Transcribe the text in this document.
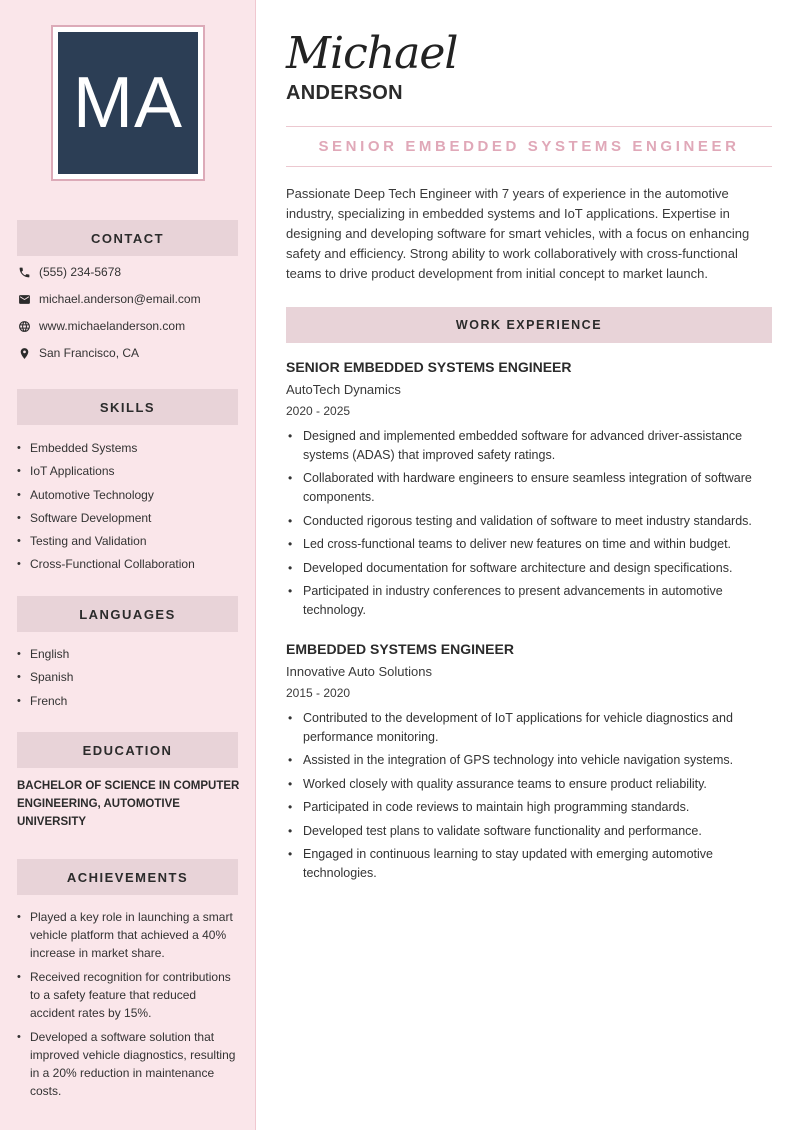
MA
CONTACT
(555) 234-5678
michael.anderson@email.com
www.michaelanderson.com
San Francisco, CA
SKILLS
• Embedded Systems
• IoT Applications
• Automotive Technology
• Software Development
• Testing and Validation
• Cross-Functional Collaboration
LANGUAGES
• English
• Spanish
• French
EDUCATION
BACHELOR OF SCIENCE IN COMPUTER ENGINEERING, AUTOMOTIVE UNIVERSITY
ACHIEVEMENTS
• Played a key role in launching a smart vehicle platform that achieved a 40% increase in market share.
• Received recognition for contributions to a safety feature that reduced accident rates by 15%.
• Developed a software solution that improved vehicle diagnostics, resulting in a 20% reduction in maintenance costs.
Michael
ANDERSON
SENIOR EMBEDDED SYSTEMS ENGINEER

Passionate Deep Tech Engineer with 7 years of experience in the automotive industry, specializing in embedded systems and IoT applications. Expertise in designing and developing software for smart vehicles, with a focus on enhancing safety and efficiency. Strong ability to work collaboratively with cross-functional teams to drive product development from initial concept to market launch.

WORK EXPERIENCE
SENIOR EMBEDDED SYSTEMS ENGINEER
AutoTech Dynamics
2020 - 2025
• Designed and implemented embedded software for advanced driver-assistance systems (ADAS) that improved safety ratings.
• Collaborated with hardware engineers to ensure seamless integration of software components.
• Conducted rigorous testing and validation of software to meet industry standards.
• Led cross-functional teams to deliver new features on time and within budget.
• Developed documentation for software architecture and design specifications.
• Participated in industry conferences to present advancements in automotive technology.
EMBEDDED SYSTEMS ENGINEER
Innovative Auto Solutions
2015 - 2020
• Contributed to the development of IoT applications for vehicle diagnostics and performance monitoring.
• Assisted in the integration of GPS technology into vehicle navigation systems.
• Worked closely with quality assurance teams to ensure product reliability.
• Participated in code reviews to maintain high programming standards.
• Developed test plans to validate software functionality and performance.
• Engaged in continuous learning to stay updated with emerging automotive technologies.
